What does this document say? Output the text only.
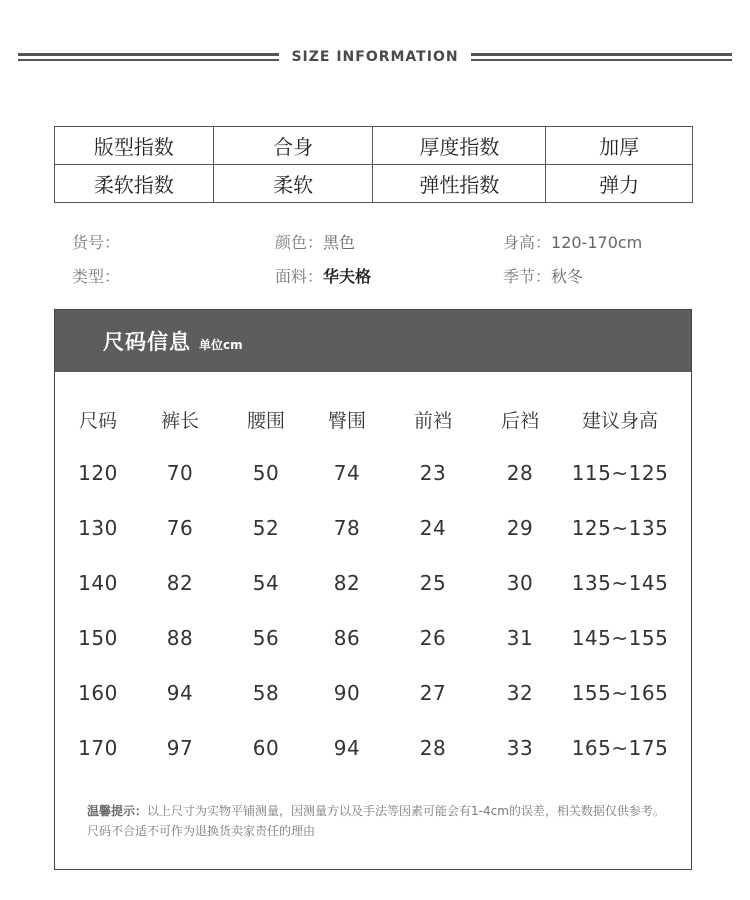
SIZE INFORMATION
版型指数	合身	厚度指数	加厚
柔软指数	柔软	弹性指数	弹力
货号：	颜色：黑色	身高：120-170cm
类型：	面料：华夫格	季节：秋冬
尺码信息 单位cm
尺码 裤长	腰围 臀围	前裆	后裆 建议身高
120 70	50	74	23	28 115~125
130 76	52	78	24	29 125~135
140 82	54	82	25	30 135~145
150 88	56	86	26	31 145~155
160 94	58	90	27	32 155~165
170 97	60	94	28	33 165~175
温馨提示：以上尺寸为实物平铺测量，因测量方以及手法等因素可能会有1-4cm的误差，相关数据仅供参考。尺码不合适不可作为退换货卖家责任的理由
